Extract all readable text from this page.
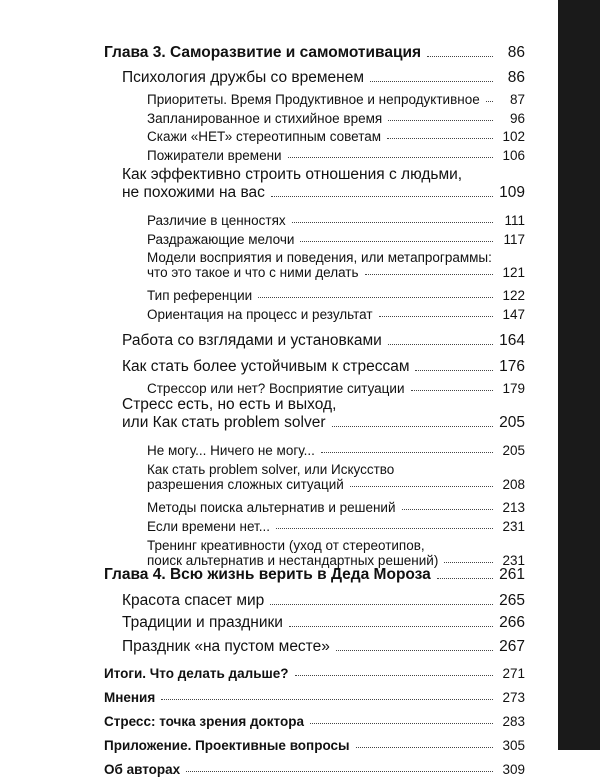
Глава 3. Саморазвитие и самомотивация	86
Психология дружбы со временем	86
Приоритеты. Время Продуктивное и непродуктивное	87
Запланированное и стихийное время	96
Скажи «НЕТ» стереотипным советам	102
Пожиратели времени	106
Как эффективно строить отношения с людьми,
не похожими на вас	109
Различие в ценностях	111
Раздражающие мелочи	117
Модели восприятия и поведения, или метапрограммы:
что это такое и что с ними делать	121
Тип референции	122
Ориентация на процесс и результат	147
Работа со взглядами и установками	164
Как стать более устойчивым к стрессам	176
Стрессор или нет? Восприятие ситуации	179
Стресс есть, но есть и выход,
или Как стать problem solver	205
Не могу... Ничего не могу...	205
Как стать problem solver, или Искусство
разрешения сложных ситуаций	208
Методы поиска альтернатив и решений	213
Если времени нет...	231
Тренинг креативности (уход от стереотипов,
поиск альтернатив и нестандартных решений)	231
Глава 4. Всю жизнь верить в Деда Мороза	261
Красота спасет мир	265
Традиции и праздники	266
Праздник «на пустом месте»	267
Итоги. Что делать дальше?	271
Мнения	273
Стресс: точка зрения доктора	283
Приложение. Проективные вопросы	305
Об авторах	309
